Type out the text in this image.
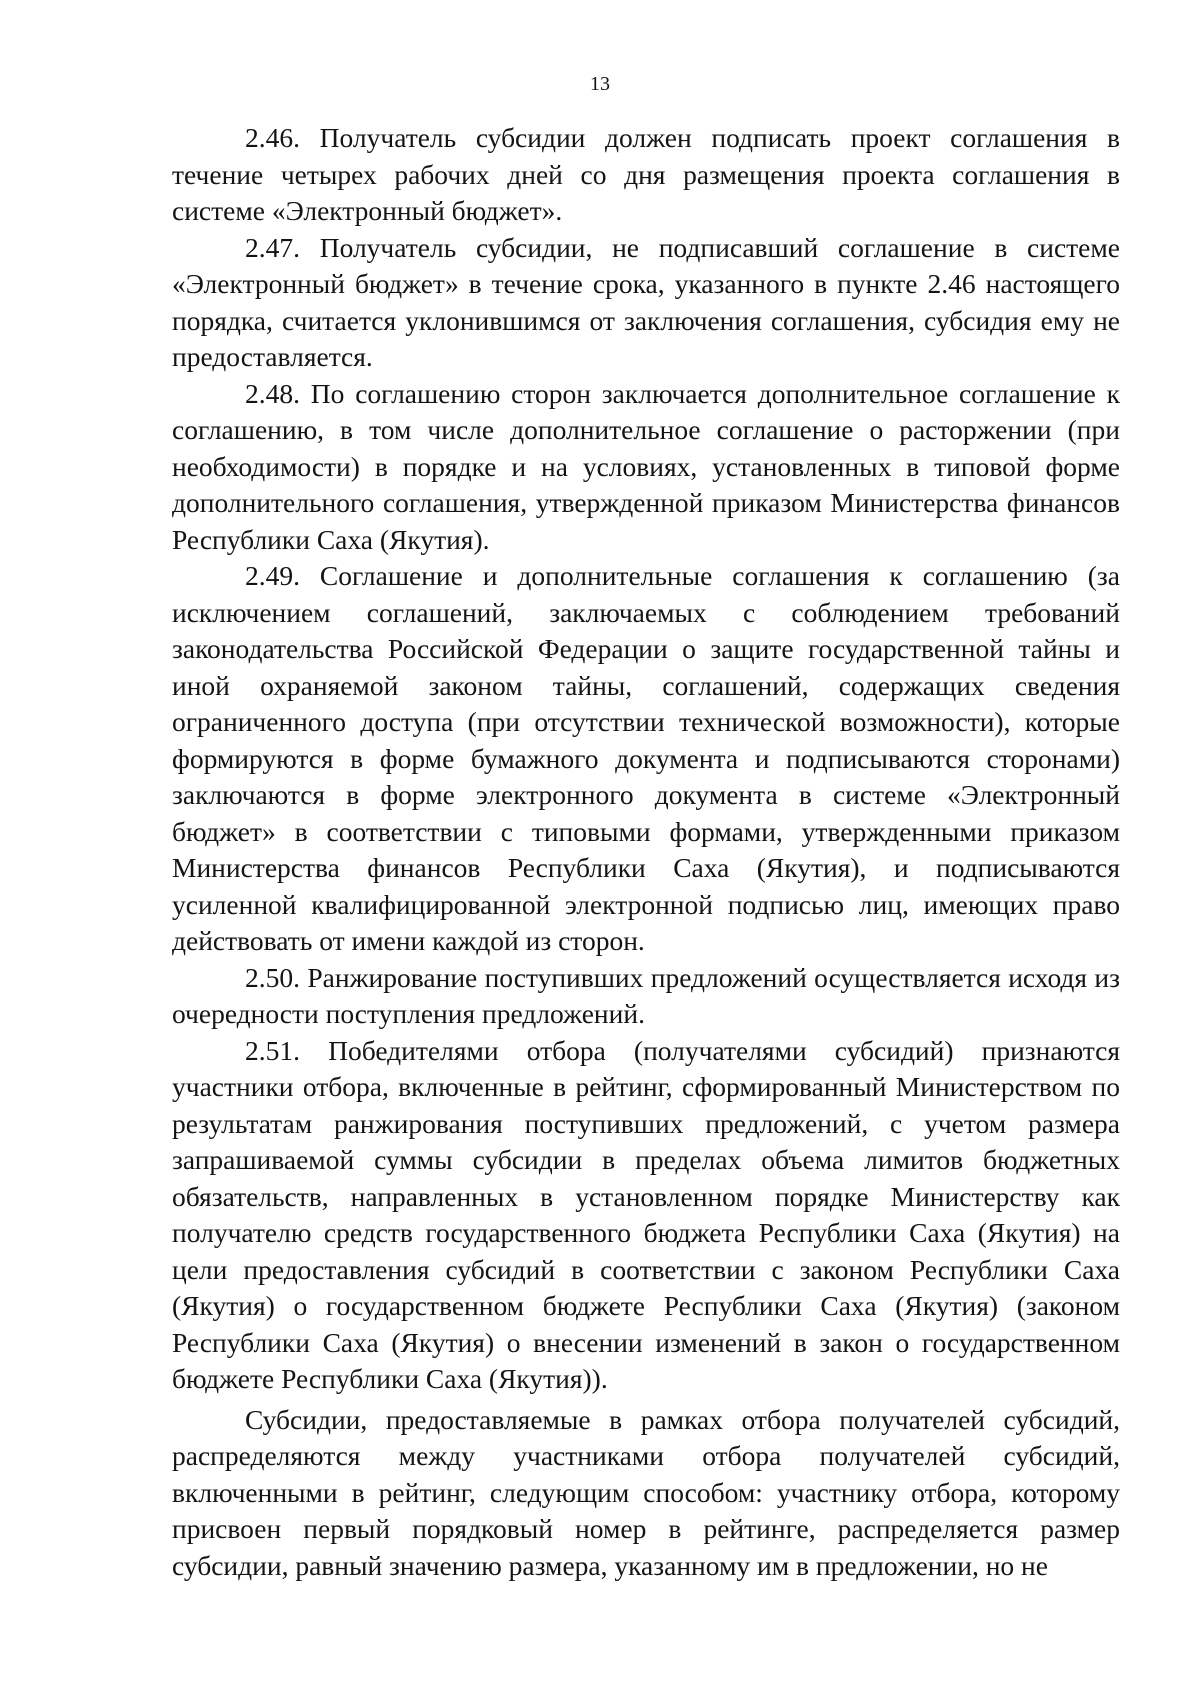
13

2.46. Получатель субсидии должен подписать проект соглашения в течение четырех рабочих дней со дня размещения проекта соглашения в системе «Электронный бюджет».

2.47. Получатель субсидии, не подписавший соглашение в системе «Электронный бюджет» в течение срока, указанного в пункте 2.46 настоящего порядка, считается уклонившимся от заключения соглашения, субсидия ему не предоставляется.

2.48. По соглашению сторон заключается дополнительное соглашение к соглашению, в том числе дополнительное соглашение о расторжении (при необходимости) в порядке и на условиях, установленных в типовой форме дополнительного соглашения, утвержденной приказом Министерства финансов Республики Саха (Якутия).

2.49. Соглашение и дополнительные соглашения к соглашению (за исключением соглашений, заключаемых с соблюдением требований законодательства Российской Федерации о защите государственной тайны и иной охраняемой законом тайны, соглашений, содержащих сведения ограниченного доступа (при отсутствии технической возможности), которые формируются в форме бумажного документа и подписываются сторонами) заключаются в форме электронного документа в системе «Электронный бюджет» в соответствии с типовыми формами, утвержденными приказом Министерства финансов Республики Саха (Якутия), и подписываются усиленной квалифицированной электронной подписью лиц, имеющих право действовать от имени каждой из сторон.

2.50. Ранжирование поступивших предложений осуществляется исходя из очередности поступления предложений.

2.51. Победителями отбора (получателями субсидий) признаются участники отбора, включенные в рейтинг, сформированный Министерством по результатам ранжирования поступивших предложений, с учетом размера запрашиваемой суммы субсидии в пределах объема лимитов бюджетных обязательств, направленных в установленном порядке Министерству как получателю средств государственного бюджета Республики Саха (Якутия) на цели предоставления субсидий в соответствии с законом Республики Саха (Якутия) о государственном бюджете Республики Саха (Якутия) (законом Республики Саха (Якутия) о внесении изменений в закон о государственном бюджете Республики Саха (Якутия)).

Субсидии, предоставляемые в рамках отбора получателей субсидий, распределяются между участниками отбора получателей субсидий, включенными в рейтинг, следующим способом: участнику отбора, которому присвоен первый порядковый номер в рейтинге, распределяется размер субсидии, равный значению размера, указанному им в предложении, но не
